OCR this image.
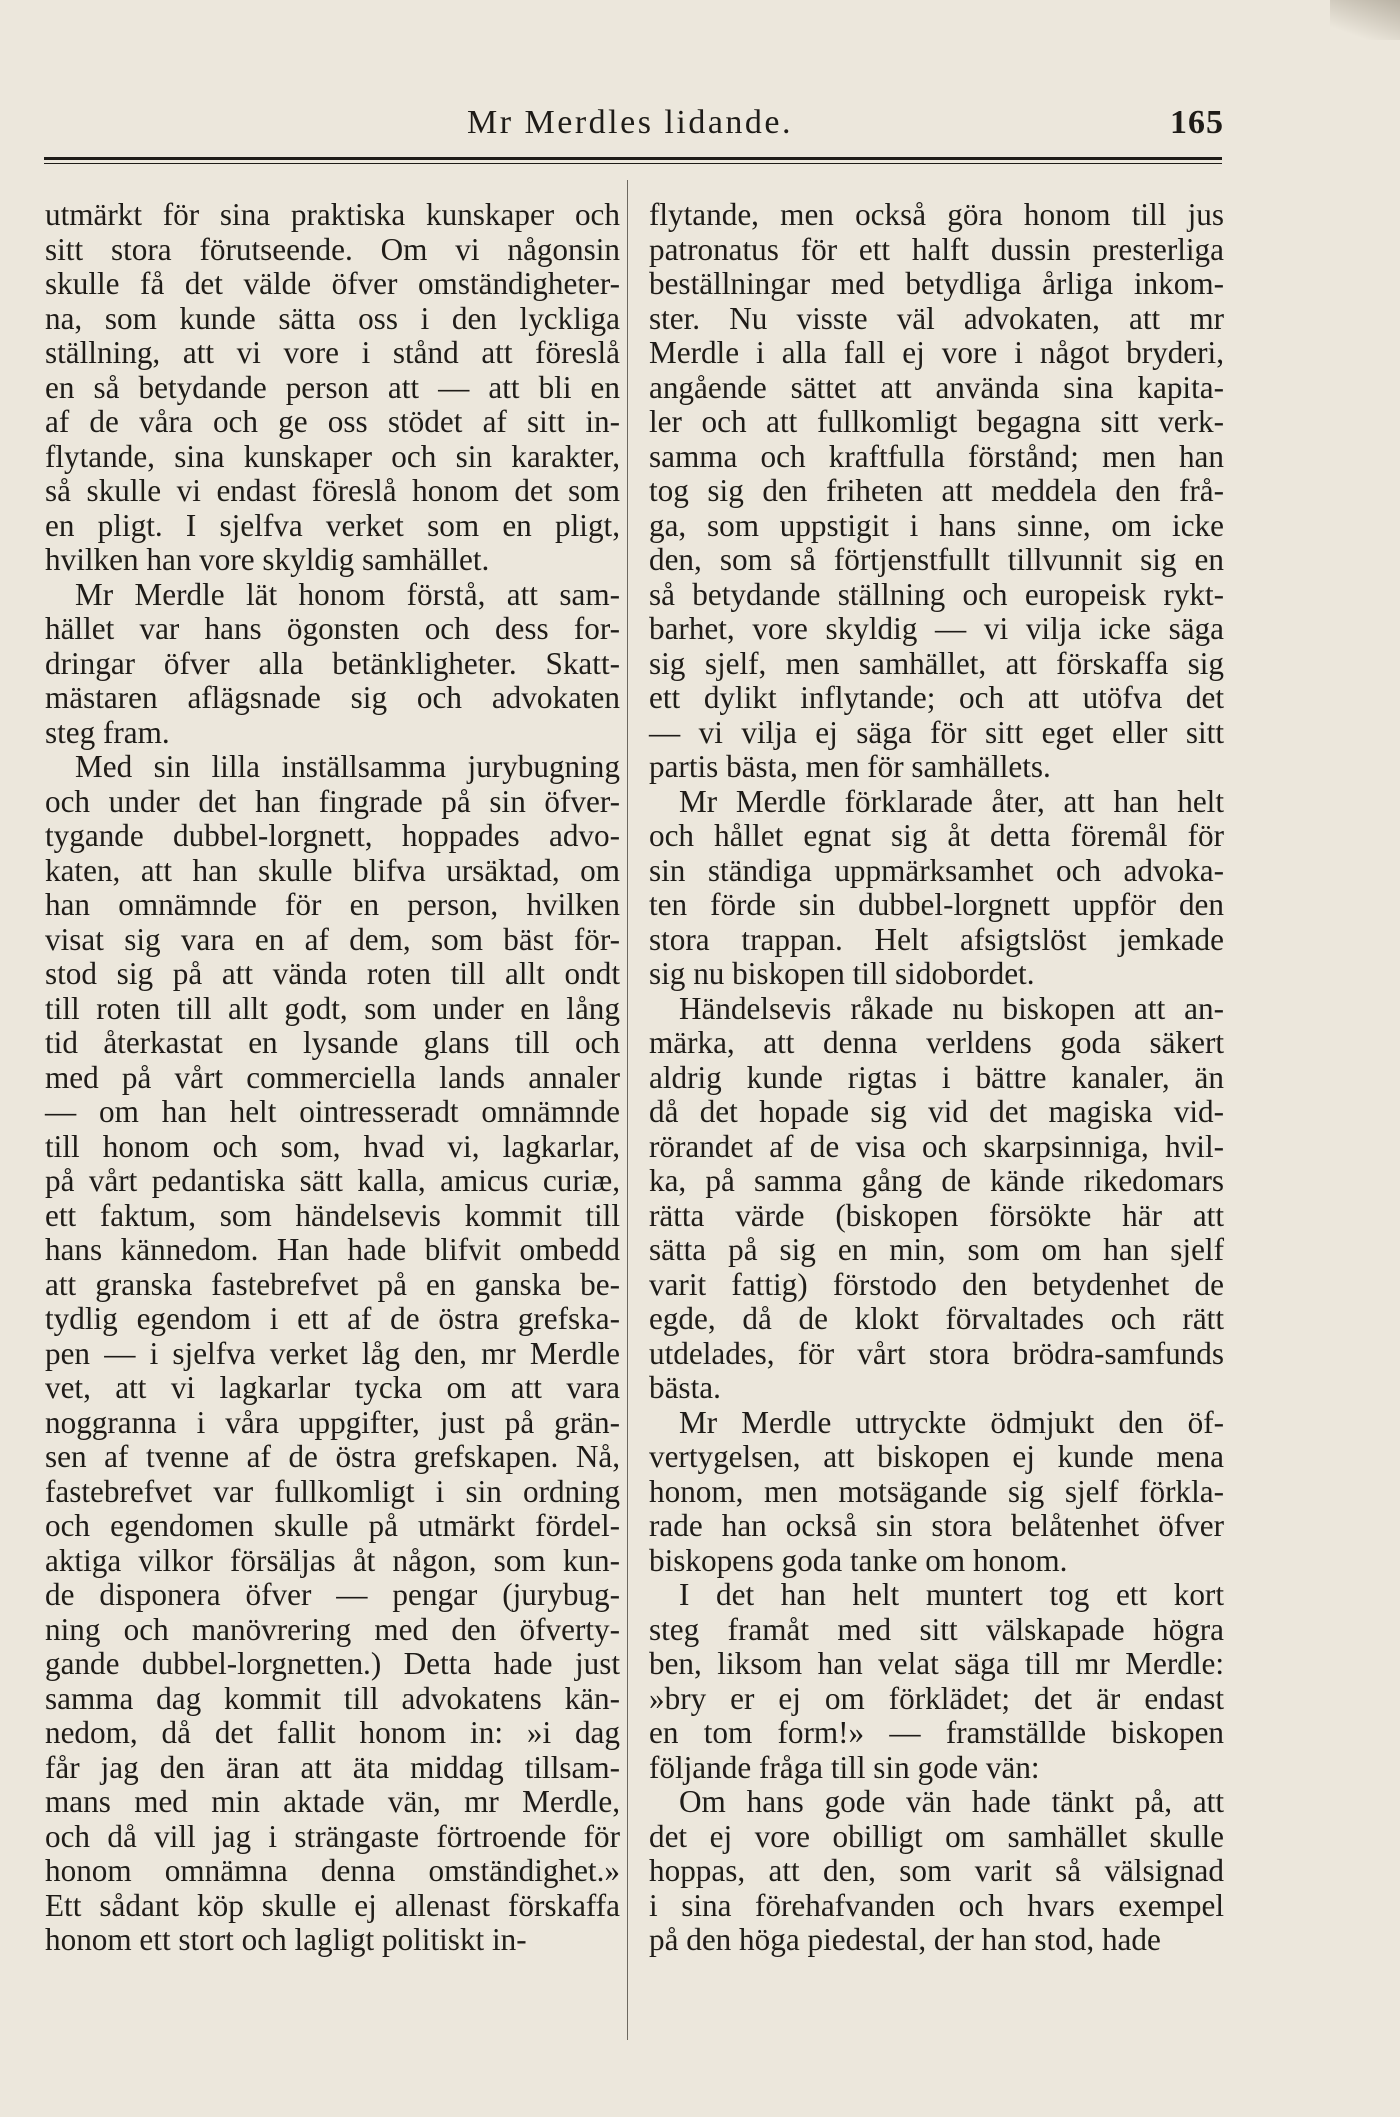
Mr Merdles lidande.	165
utmärkt för sina praktiska kunskaper och
sitt stora förutseende. Om vi någonsin
skulle få det välde öfver omständigheter-
na, som kunde sätta oss i den lyckliga
ställning, att vi vore i stånd att föreslå
en så betydande person att — att bli en
af de våra och ge oss stödet af sitt in-
flytande, sina kunskaper och sin karakter,
så skulle vi endast föreslå honom det som
en pligt. I sjelfva verket som en pligt,
hvilken han vore skyldig samhället.
Mr Merdle lät honom förstå, att sam-
hället var hans ögonsten och dess for-
dringar öfver alla betänkligheter. Skatt-
mästaren aflägsnade sig och advokaten
steg fram.
Med sin lilla inställsamma jurybugning
och under det han fingrade på sin öfver-
tygande dubbel-lorgnett, hoppades advo-
katen, att han skulle blifva ursäktad, om
han omnämnde för en person, hvilken
visat sig vara en af dem, som bäst för-
stod sig på att vända roten till allt ondt
till roten till allt godt, som under en lång
tid återkastat en lysande glans till och
med på vårt commerciella lands annaler
— om han helt ointresseradt omnämnde
till honom och som, hvad vi, lagkarlar,
på vårt pedantiska sätt kalla, amicus curiæ,
ett faktum, som händelsevis kommit till
hans kännedom. Han hade blifvit ombedd
att granska fastebrefvet på en ganska be-
tydlig egendom i ett af de östra grefska-
pen — i sjelfva verket låg den, mr Merdle
vet, att vi lagkarlar tycka om att vara
noggranna i våra uppgifter, just på grän-
sen af tvenne af de östra grefskapen. Nå,
fastebrefvet var fullkomligt i sin ordning
och egendomen skulle på utmärkt fördel-
aktiga vilkor försäljas åt någon, som kun-
de disponera öfver — pengar (jurybug-
ning och manövrering med den öfverty-
gande dubbel-lorgnetten.) Detta hade just
samma dag kommit till advokatens kän-
nedom, då det fallit honom in: »i dag
får jag den äran att äta middag tillsam-
mans med min aktade vän, mr Merdle,
och då vill jag i strängaste förtroende för
honom omnämna denna omständighet.»
Ett sådant köp skulle ej allenast förskaffa
honom ett stort och lagligt politiskt in-
flytande, men också göra honom till jus
patronatus för ett halft dussin presterliga
beställningar med betydliga årliga inkom-
ster. Nu visste väl advokaten, att mr
Merdle i alla fall ej vore i något bryderi,
angående sättet att använda sina kapita-
ler och att fullkomligt begagna sitt verk-
samma och kraftfulla förstånd; men han
tog sig den friheten att meddela den frå-
ga, som uppstigit i hans sinne, om icke
den, som så förtjenstfullt tillvunnit sig en
så betydande ställning och europeisk rykt-
barhet, vore skyldig — vi vilja icke säga
sig sjelf, men samhället, att förskaffa sig
ett dylikt inflytande; och att utöfva det
— vi vilja ej säga för sitt eget eller sitt
partis bästa, men för samhällets.
Mr Merdle förklarade åter, att han helt
och hållet egnat sig åt detta föremål för
sin ständiga uppmärksamhet och advoka-
ten förde sin dubbel-lorgnett uppför den
stora trappan. Helt afsigtslöst jemkade
sig nu biskopen till sidobordet.
Händelsevis råkade nu biskopen att an-
märka, att denna verldens goda säkert
aldrig kunde rigtas i bättre kanaler, än
då det hopade sig vid det magiska vid-
rörandet af de visa och skarpsinniga, hvil-
ka, på samma gång de kände rikedomars
rätta värde (biskopen försökte här att
sätta på sig en min, som om han sjelf
varit fattig) förstodo den betydenhet de
egde, då de klokt förvaltades och rätt
utdelades, för vårt stora brödra-samfunds
bästa.
Mr Merdle uttryckte ödmjukt den öf-
vertygelsen, att biskopen ej kunde mena
honom, men motsägande sig sjelf förkla-
rade han också sin stora belåtenhet öfver
biskopens goda tanke om honom.
I det han helt muntert tog ett kort
steg framåt med sitt välskapade högra
ben, liksom han velat säga till mr Merdle:
»bry er ej om förklädet; det är endast
en tom form!» — framställde biskopen
följande fråga till sin gode vän:
Om hans gode vän hade tänkt på, att
det ej vore obilligt om samhället skulle
hoppas, att den, som varit så välsignad
i sina förehafvanden och hvars exempel
på den höga piedestal, der han stod, hade
